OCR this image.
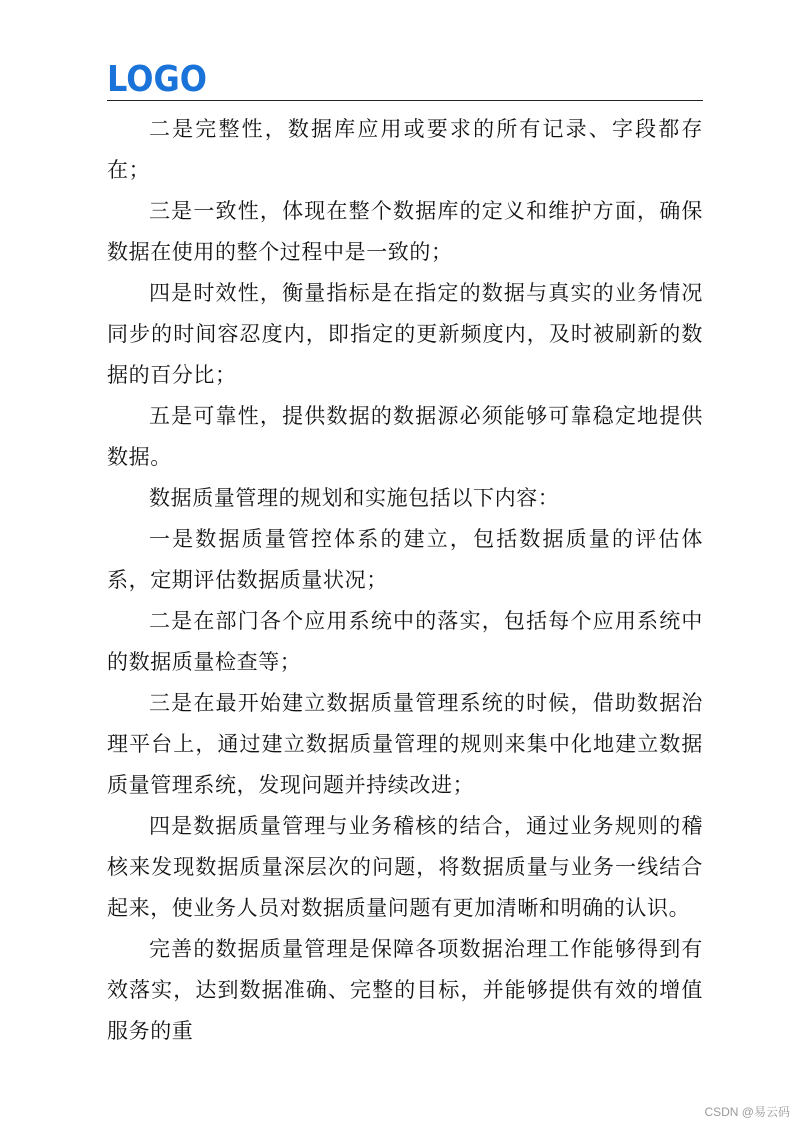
LOGO

二是完整性，数据库应用或要求的所有记录、字段都存在；

三是一致性，体现在整个数据库的定义和维护方面，确保数据在使用的整个过程中是一致的；

四是时效性，衡量指标是在指定的数据与真实的业务情况同步的时间容忍度内，即指定的更新频度内，及时被刷新的数据的百分比；

五是可靠性，提供数据的数据源必须能够可靠稳定地提供数据。

数据质量管理的规划和实施包括以下内容：

一是数据质量管控体系的建立，包括数据质量的评估体系，定期评估数据质量状况；

二是在部门各个应用系统中的落实，包括每个应用系统中的数据质量检查等；

三是在最开始建立数据质量管理系统的时候，借助数据治理平台上，通过建立数据质量管理的规则来集中化地建立数据质量管理系统，发现问题并持续改进；

四是数据质量管理与业务稽核的结合，通过业务规则的稽核来发现数据质量深层次的问题，将数据质量与业务一线结合起来，使业务人员对数据质量问题有更加清晰和明确的认识。

完善的数据质量管理是保障各项数据治理工作能够得到有效落实，达到数据准确、完整的目标，并能够提供有效的增值服务的重

CSDN @易云码
